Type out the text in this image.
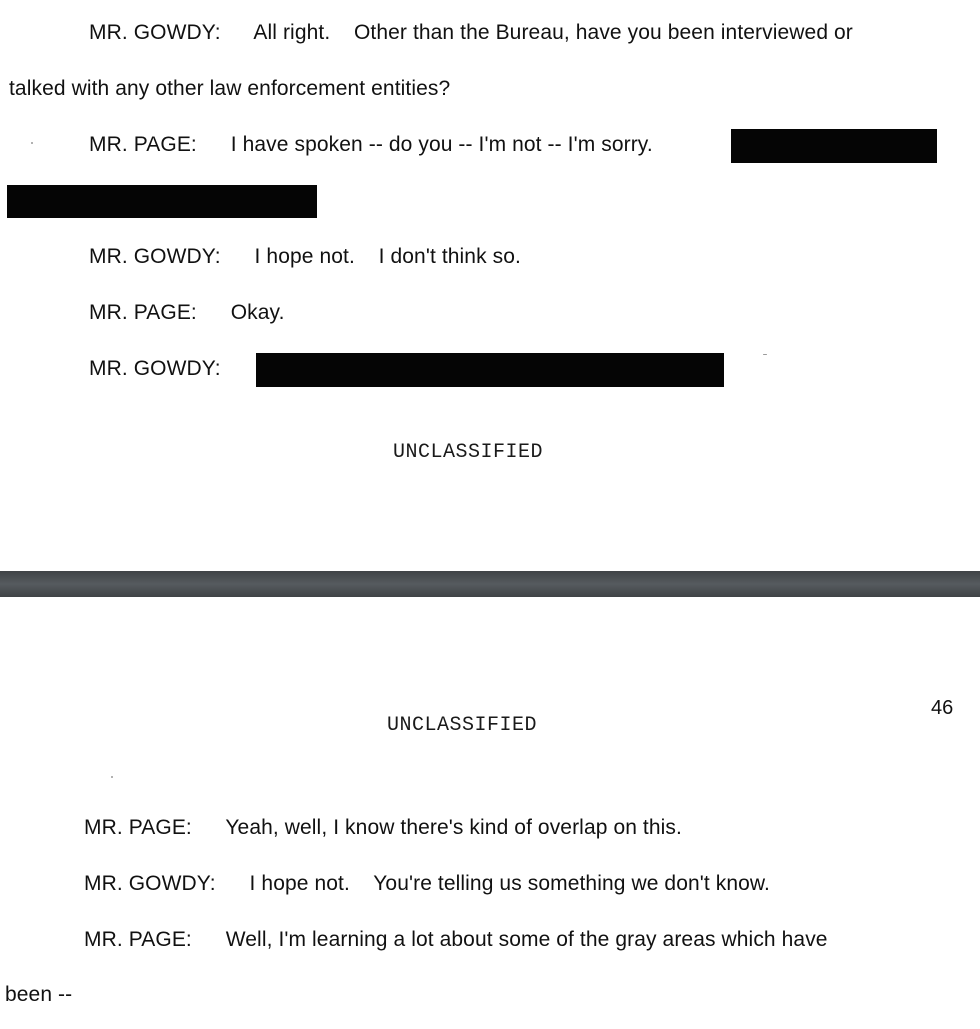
MR. GOWDY: All right.    Other than the Bureau, have you been interviewed or
talked with any other law enforcement entities?
MR. PAGE: I have spoken -- do you -- I'm not -- I'm sorry.
MR. GOWDY: I hope not.    I don't think so.
MR. PAGE: Okay.
MR. GOWDY:
UNCLASSIFIED
46
UNCLASSIFIED
MR. PAGE: Yeah, well, I know there's kind of overlap on this.
MR. GOWDY: I hope not.    You're telling us something we don't know.
MR. PAGE: Well, I'm learning a lot about some of the gray areas which have
been --
